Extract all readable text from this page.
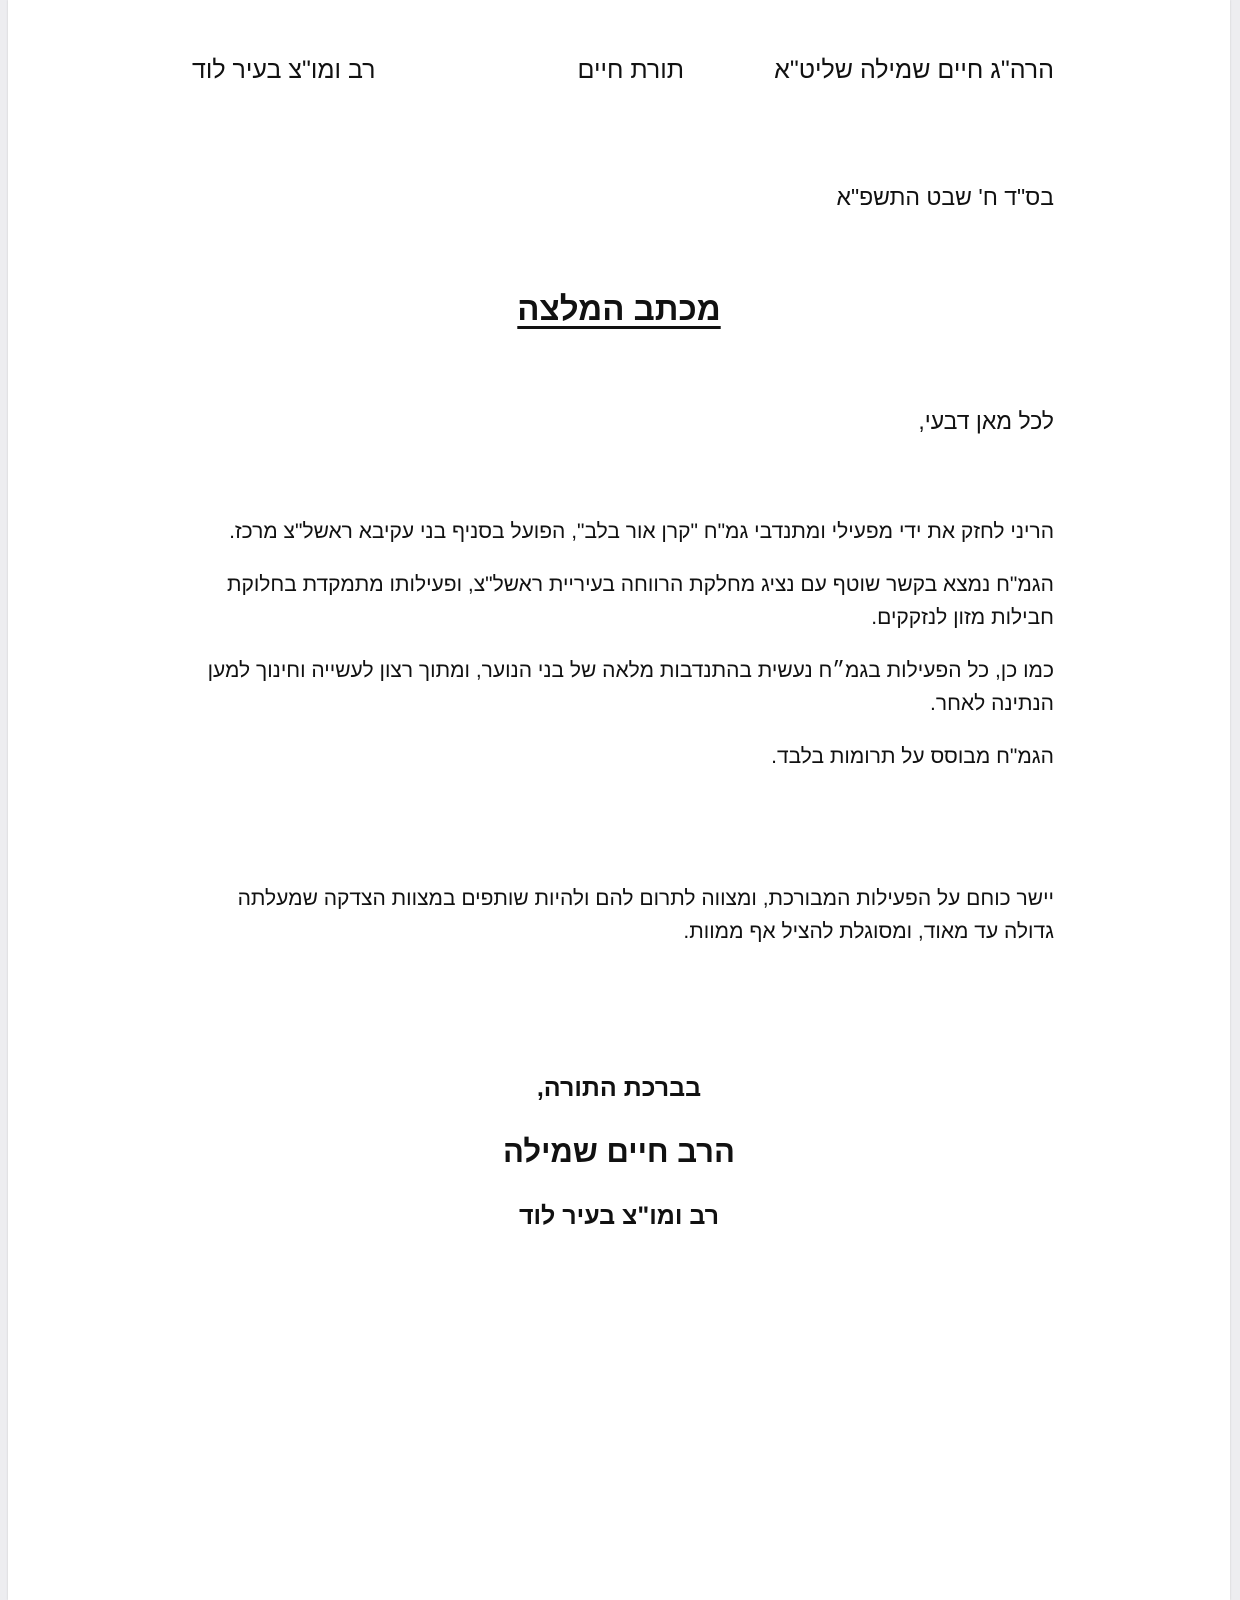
הרה"ג חיים שמילה שליט"א
תורת חיים
רב ומו"צ בעיר לוד
בס"ד ח' שבט התשפ"א
מכתב המלצה
לכל מאן דבעי,

הריני לחזק את ידי מפעילי ומתנדבי גמ"ח "קרן אור בלב", הפועל בסניף בני עקיבא ראשל"צ מרכז.

הגמ"ח נמצא בקשר שוטף עם נציג מחלקת הרווחה בעיריית ראשל"צ, ופעילותו מתמקדת בחלוקת חבילות מזון לנזקקים.

כמו כן, כל הפעילות בגמ״ח נעשית בהתנדבות מלאה של בני הנוער, ומתוך רצון לעשייה וחינוך למען הנתינה לאחר.

הגמ"ח מבוסס על תרומות בלבד.

יישר כוחם על הפעילות המבורכת, ומצווה לתרום להם ולהיות שותפים במצוות הצדקה שמעלתה גדולה עד מאוד, ומסוגלת להציל אף ממוות.

בברכת התורה,
הרב חיים שמילה
רב ומו"צ בעיר לוד
